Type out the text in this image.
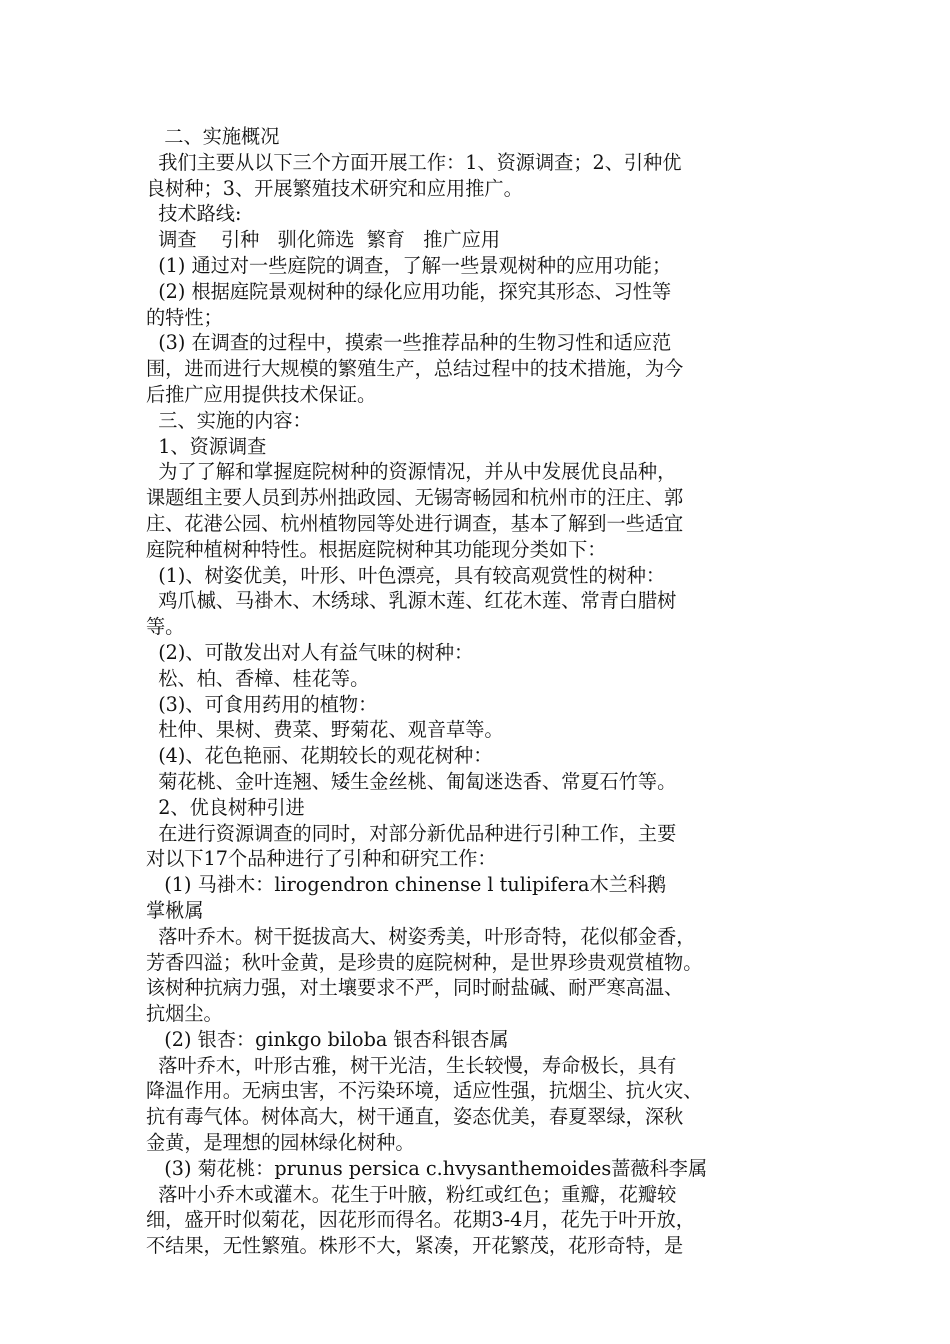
二、实施概况
我们主要从以下三个方面开展工作：1、资源调查；2、引种优
良树种；3、开展繁殖技术研究和应用推广。
技术路线:
调查    引种   驯化筛选  繁育   推广应用
(1) 通过对一些庭院的调查，了解一些景观树种的应用功能；
(2) 根据庭院景观树种的绿化应用功能，探究其形态、习性等
的特性；
(3) 在调查的过程中，摸索一些推荐品种的生物习性和适应范
围，进而进行大规模的繁殖生产，总结过程中的技术措施，为今
后推广应用提供技术保证。
三、实施的内容：
1、资源调查
为了了解和掌握庭院树种的资源情况，并从中发展优良品种，
课题组主要人员到苏州拙政园、无锡寄畅园和杭州市的汪庄、郭
庄、花港公园、杭州植物园等处进行调查，基本了解到一些适宜
庭院种植树种特性。根据庭院树种其功能现分类如下：
(1)、树姿优美，叶形、叶色漂亮，具有较高观赏性的树种：
鸡爪槭、马褂木、木绣球、乳源木莲、红花木莲、常青白腊树
等。
(2)、可散发出对人有益气味的树种：
松、柏、香樟、桂花等。
(3)、可食用药用的植物：
杜仲、果树、费菜、野菊花、观音草等。
(4)、花色艳丽、花期较长的观花树种：
菊花桃、金叶连翘、矮生金丝桃、匍匐迷迭香、常夏石竹等。
2、优良树种引进
在进行资源调查的同时，对部分新优品种进行引种工作，主要
对以下17个品种进行了引种和研究工作：
(1) 马褂木：lirogendron chinense l tulipifera木兰科鹅
掌楸属
落叶乔木。树干挺拔高大、树姿秀美，叶形奇特，花似郁金香，
芳香四溢；秋叶金黄，是珍贵的庭院树种，是世界珍贵观赏植物。
该树种抗病力强，对土壤要求不严，同时耐盐碱、耐严寒高温、
抗烟尘。
(2) 银杏：ginkgo biloba 银杏科银杏属
落叶乔木，叶形古雅，树干光洁，生长较慢，寿命极长，具有
降温作用。无病虫害，不污染环境，适应性强，抗烟尘、抗火灾、
抗有毒气体。树体高大，树干通直，姿态优美，春夏翠绿，深秋
金黄，是理想的园林绿化树种。
(3) 菊花桃：prunus persica c.hvysanthemoides蔷薇科李属
落叶小乔木或灌木。花生于叶腋，粉红或红色；重瓣，花瓣较
细，盛开时似菊花，因花形而得名。花期3-4月，花先于叶开放，
不结果，无性繁殖。株形不大，紧凑，开花繁茂，花形奇特，是
